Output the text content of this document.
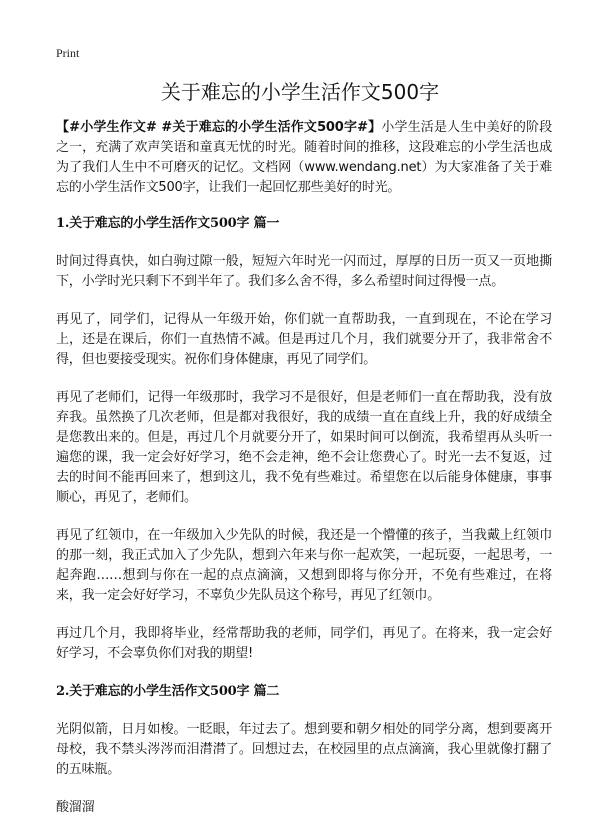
Print
关于难忘的小学生活作文500字

【#小学生作文# #关于难忘的小学生活作文500字#】小学生活是人生中美好的阶段之一，充满了欢声笑语和童真无忧的时光。随着时间的推移，这段难忘的小学生活也成为了我们人生中不可磨灭的记忆。文档网（www.wendang.net）为大家准备了关于难忘的小学生活作文500字，让我们一起回忆那些美好的时光。

1.关于难忘的小学生活作文500字 篇一

时间过得真快，如白驹过隙一般，短短六年时光一闪而过，厚厚的日历一页又一页地撕下，小学时光只剩下不到半年了。我们多么舍不得，多么希望时间过得慢一点。

再见了，同学们，记得从一年级开始，你们就一直帮助我，一直到现在，不论在学习上，还是在课后，你们一直热情不减。但是再过几个月，我们就要分开了，我非常舍不得，但也要接受现实。祝你们身体健康，再见了同学们。

再见了老师们，记得一年级那时，我学习不是很好，但是老师们一直在帮助我，没有放弃我。虽然换了几次老师，但是都对我很好，我的成绩一直在直线上升，我的好成绩全是您教出来的。但是，再过几个月就要分开了，如果时间可以倒流，我希望再从头听一遍您的课，我一定会好好学习，绝不会走神，绝不会让您费心了。时光一去不复返，过去的时间不能再回来了，想到这儿，我不免有些难过。希望您在以后能身体健康，事事顺心，再见了，老师们。

再见了红领巾，在一年级加入少先队的时候，我还是一个懵懂的孩子，当我戴上红领巾的那一刻，我正式加入了少先队，想到六年来与你一起欢笑，一起玩耍，一起思考，一起奔跑……想到与你在一起的点点滴滴，又想到即将与你分开，不免有些难过，在将来，我一定会好好学习，不辜负少先队员这个称号，再见了红领巾。

再过几个月，我即将毕业，经常帮助我的老师，同学们，再见了。在将来，我一定会好好学习，不会辜负你们对我的期望!

2.关于难忘的小学生活作文500字 篇二

光阴似箭，日月如梭。一眨眼，年过去了。想到要和朝夕相处的同学分离，想到要离开母校，我不禁头涔涔而泪潸潸了。回想过去，在校园里的点点滴滴，我心里就像打翻了的五味瓶。

酸溜溜
